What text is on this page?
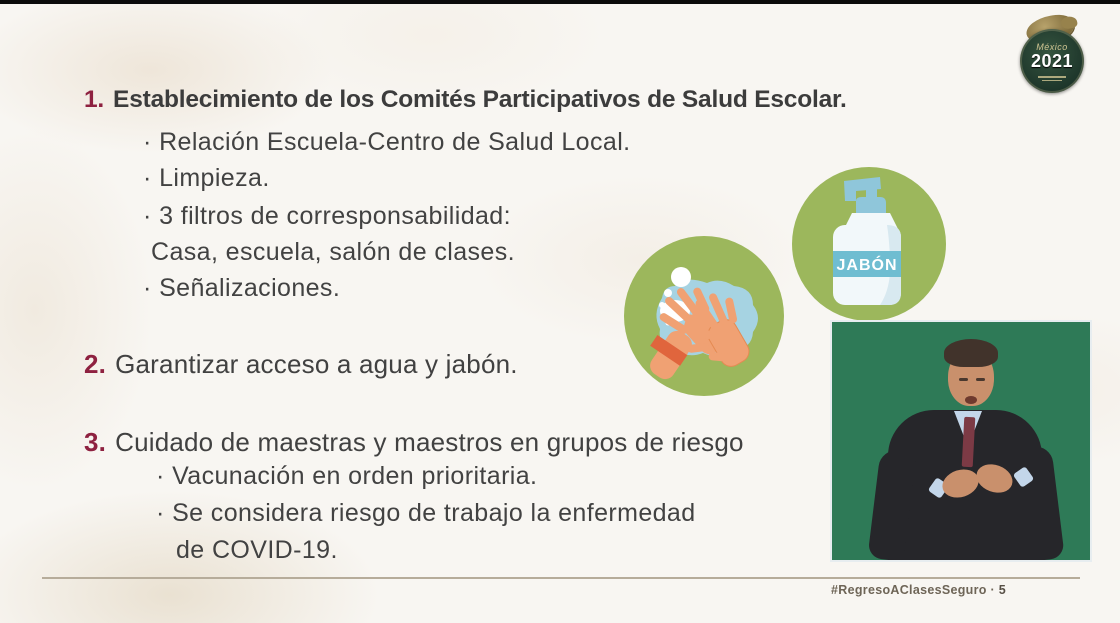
México
2021
1. Establecimiento de los Comités Participativos de Salud Escolar.
· Relación Escuela-Centro de Salud Local.
· Limpieza.
· 3 filtros de corresponsabilidad:
Casa, escuela, salón de clases.
· Señalizaciones.
JABÓN
2. Garantizar acceso a agua y jabón.
3. Cuidado de maestras y maestros en grupos de riesgo
· Vacunación en orden prioritaria.
· Se considera riesgo de trabajo la enfermedad
de COVID-19.
#RegresoAClasesSeguro · 5
